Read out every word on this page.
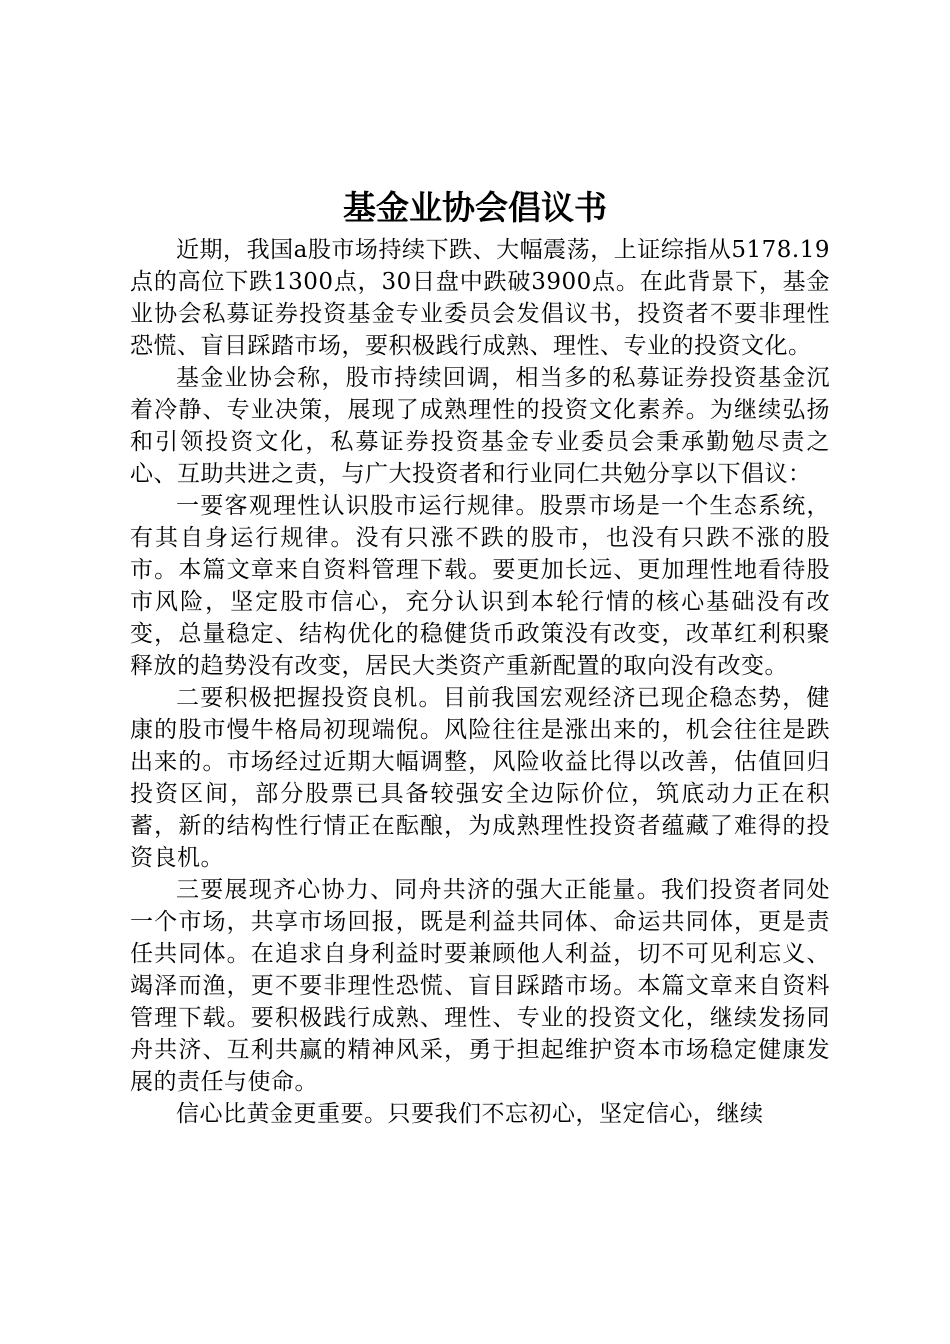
基金业协会倡议书

近期，我国a股市场持续下跌、大幅震荡，上证综指从5178.19点的高位下跌1300点，30日盘中跌破3900点。在此背景下，基金业协会私募证券投资基金专业委员会发倡议书，投资者不要非理性恐慌、盲目踩踏市场，要积极践行成熟、理性、专业的投资文化。

基金业协会称，股市持续回调，相当多的私募证券投资基金沉着冷静、专业决策，展现了成熟理性的投资文化素养。为继续弘扬和引领投资文化，私募证券投资基金专业委员会秉承勤勉尽责之心、互助共进之责，与广大投资者和行业同仁共勉分享以下倡议：

一要客观理性认识股市运行规律。股票市场是一个生态系统，有其自身运行规律。没有只涨不跌的股市，也没有只跌不涨的股市。本篇文章来自资料管理下载。要更加长远、更加理性地看待股市风险，坚定股市信心，充分认识到本轮行情的核心基础没有改变，总量稳定、结构优化的稳健货币政策没有改变，改革红利积聚释放的趋势没有改变，居民大类资产重新配置的取向没有改变。

二要积极把握投资良机。目前我国宏观经济已现企稳态势，健康的股市慢牛格局初现端倪。风险往往是涨出来的，机会往往是跌出来的。市场经过近期大幅调整，风险收益比得以改善，估值回归投资区间，部分股票已具备较强安全边际价位，筑底动力正在积蓄，新的结构性行情正在酝酿，为成熟理性投资者蕴藏了难得的投资良机。

三要展现齐心协力、同舟共济的强大正能量。我们投资者同处一个市场，共享市场回报，既是利益共同体、命运共同体，更是责任共同体。在追求自身利益时要兼顾他人利益，切不可见利忘义、竭泽而渔，更不要非理性恐慌、盲目踩踏市场。本篇文章来自资料管理下载。要积极践行成熟、理性、专业的投资文化，继续发扬同舟共济、互利共赢的精神风采，勇于担起维护资本市场稳定健康发展的责任与使命。

信心比黄金更重要。只要我们不忘初心，坚定信心，继续
